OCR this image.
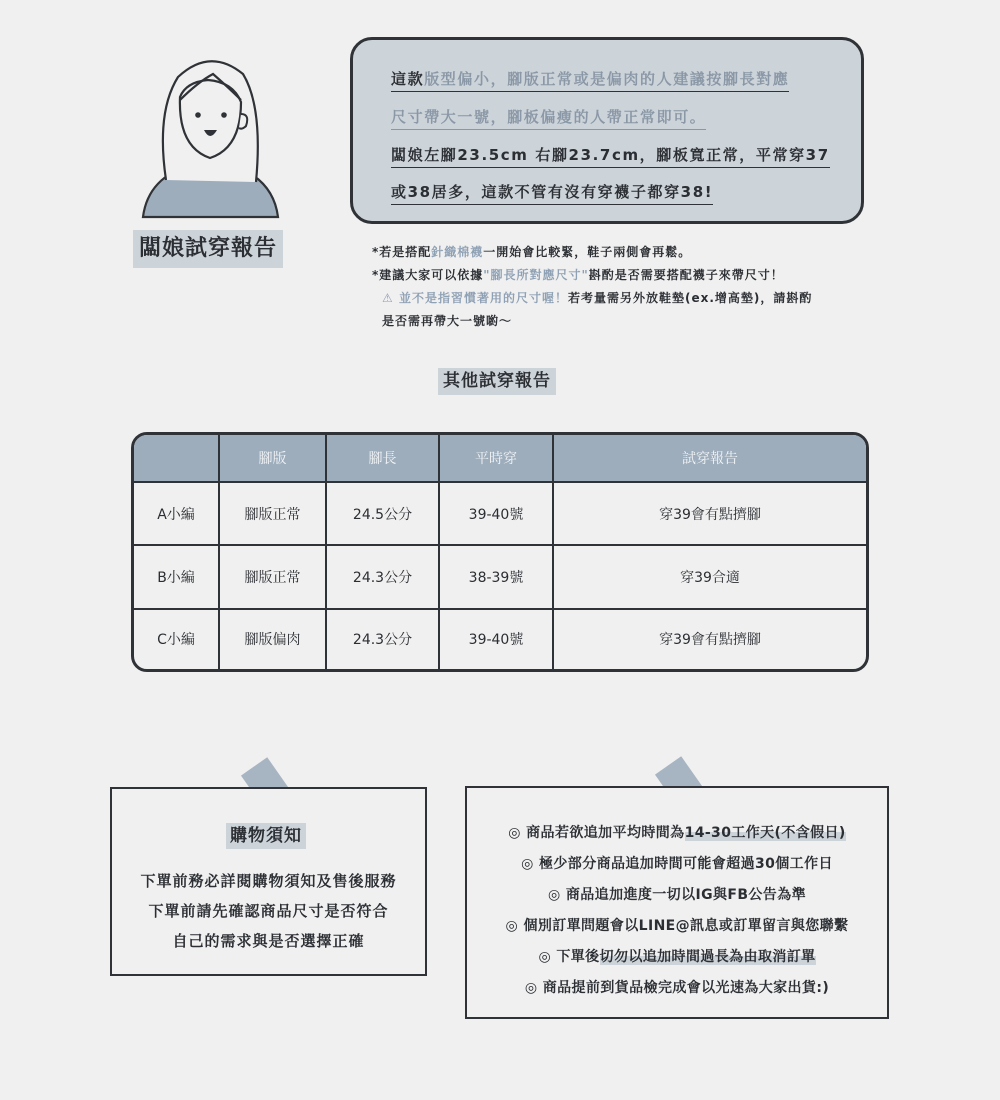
闆娘試穿報告
這款版型偏小，腳版正常或是偏肉的人建議按腳長對應
尺寸帶大一號，腳板偏瘦的人帶正常即可。
闆娘左腳23.5cm 右腳23.7cm，腳板寬正常，平常穿37
或38居多，這款不管有沒有穿襪子都穿38!
*若是搭配針織棉襪一開始會比較緊，鞋子兩側會再鬆。
*建議大家可以依據"腳長所對應尺寸"斟酌是否需要搭配襪子來帶尺寸！
⚠ 並不是指習慣著用的尺寸喔！若考量需另外放鞋墊(ex.增高墊)，請斟酌
是否需再帶大一號喲～
其他試穿報告
	腳版	腳長	平時穿	試穿報告
A小編	腳版正常	24.5公分	39-40號	穿39會有點擠腳
B小編	腳版正常	24.3公分	38-39號	穿39合適
C小編	腳版偏肉	24.3公分	39-40號	穿39會有點擠腳
購物須知
下單前務必詳閱購物須知及售後服務
下單前請先確認商品尺寸是否符合
自己的需求與是否選擇正確
◎ 商品若欲追加平均時間為14-30工作天(不含假日)
◎ 極少部分商品追加時間可能會超過30個工作日
◎ 商品追加進度一切以IG與FB公告為準
◎ 個別訂單問題會以LINE@訊息或訂單留言與您聯繫
◎ 下單後切勿以追加時間過長為由取消訂單
◎ 商品提前到貨品檢完成會以光速為大家出貨:)
